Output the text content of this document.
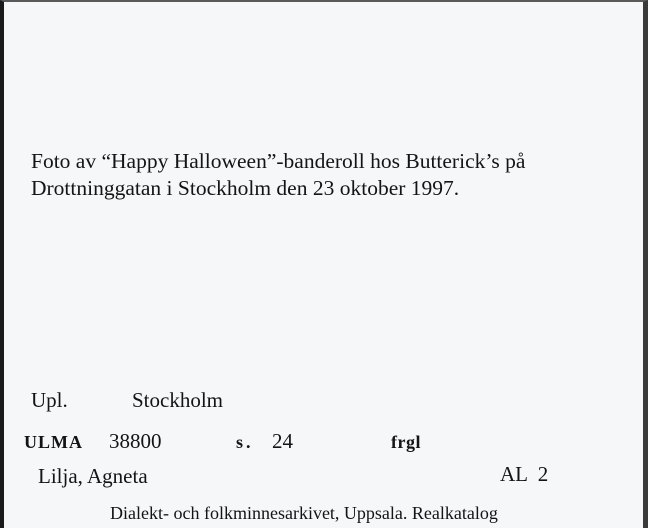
Foto av “Happy Halloween”-banderoll hos Butterick’s på
Drottninggatan i Stockholm den 23 oktober 1997.

Upl.	Stockholm
ULMA 38800	s. 24	frgl
Lilja, Agneta	AL  2
Dialekt- och folkminnesarkivet, Uppsala. Realkatalog
